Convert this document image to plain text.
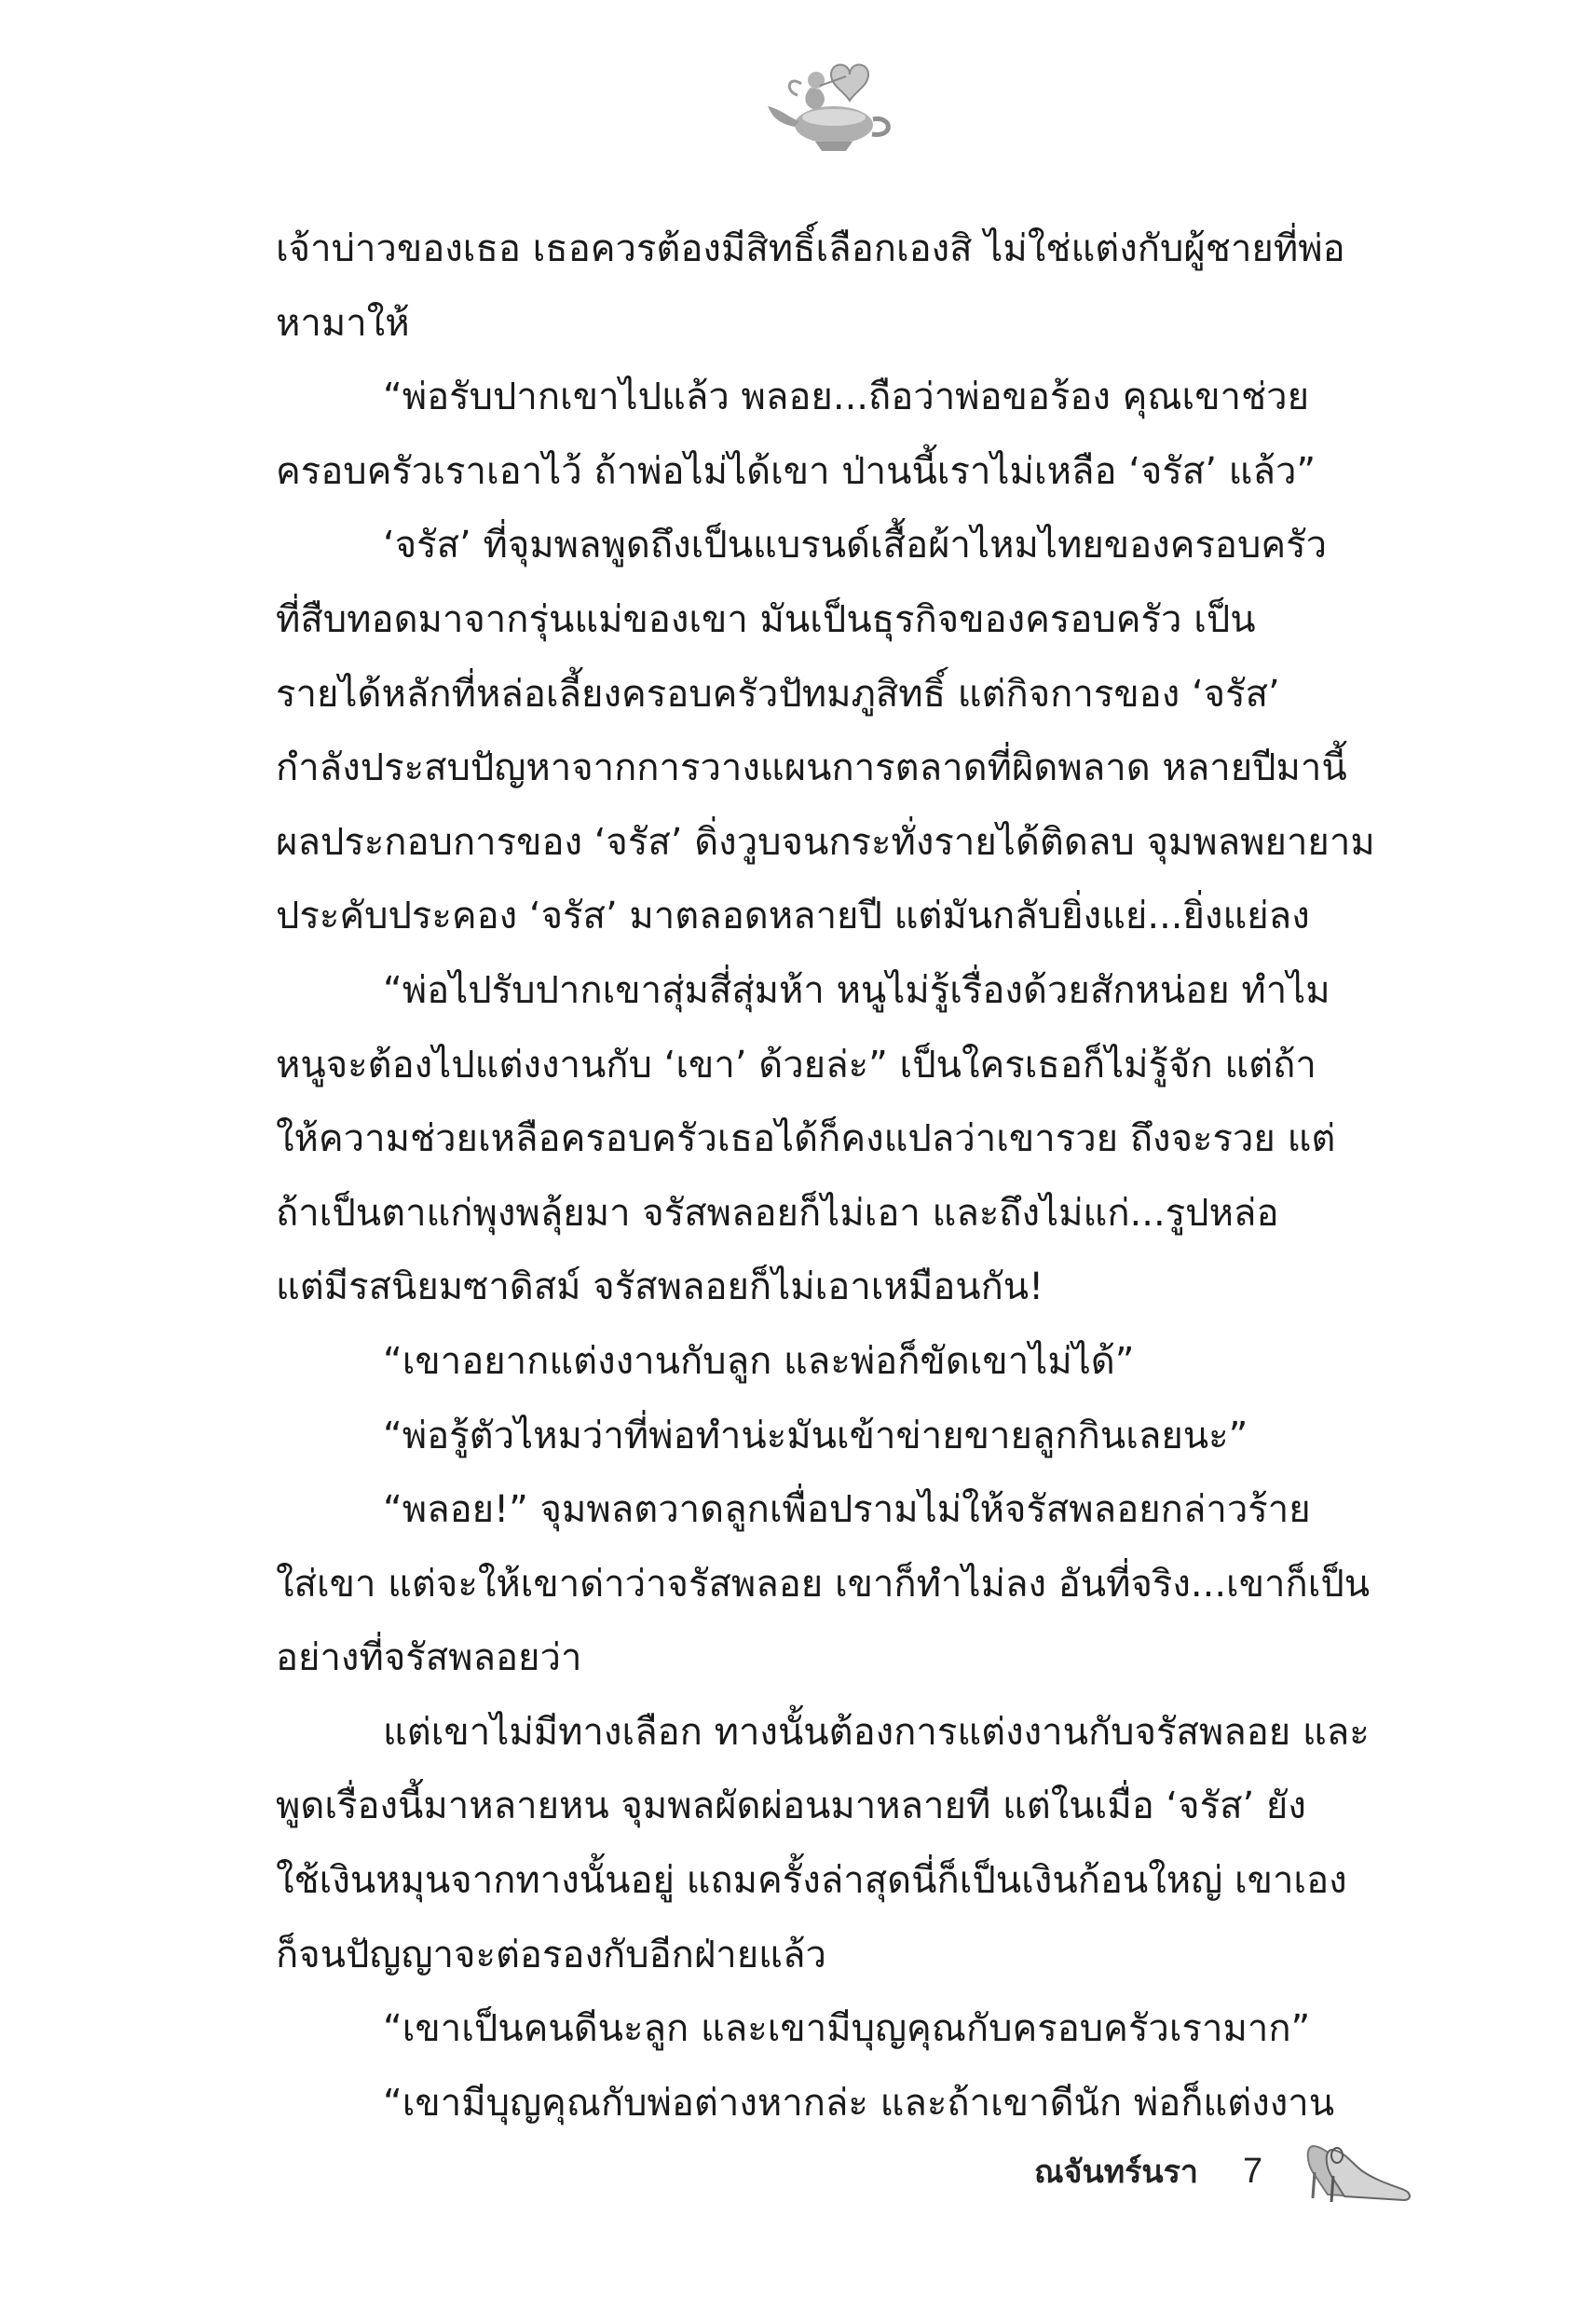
เจ้าบ่าวของเธอ เธอควรต้องมีสิทธิ์เลือกเองสิ ไม่ใช่แต่งกับผู้ชายที่พ่อ
หามาให้
“พ่อรับปากเขาไปแล้ว พลอย...ถือว่าพ่อขอร้อง คุณเขาช่วย
ครอบครัวเราเอาไว้ ถ้าพ่อไม่ได้เขา ป่านนี้เราไม่เหลือ ‘จรัส’ แล้ว”
‘จรัส’ ที่จุมพลพูดถึงเป็นแบรนด์เสื้อผ้าไหมไทยของครอบครัว
ที่สืบทอดมาจากรุ่นแม่ของเขา มันเป็นธุรกิจของครอบครัว เป็น
รายได้หลักที่หล่อเลี้ยงครอบครัวปัทมภูสิทธิ์ แต่กิจการของ ‘จรัส’
กำลังประสบปัญหาจากการวางแผนการตลาดที่ผิดพลาด หลายปีมานี้
ผลประกอบการของ ‘จรัส’ ดิ่งวูบจนกระทั่งรายได้ติดลบ จุมพลพยายาม
ประคับประคอง ‘จรัส’ มาตลอดหลายปี แต่มันกลับยิ่งแย่...ยิ่งแย่ลง
“พ่อไปรับปากเขาสุ่มสี่สุ่มห้า หนูไม่รู้เรื่องด้วยสักหน่อย ทำไม
หนูจะต้องไปแต่งงานกับ ‘เขา’ ด้วยล่ะ” เป็นใครเธอก็ไม่รู้จัก แต่ถ้า
ให้ความช่วยเหลือครอบครัวเธอได้ก็คงแปลว่าเขารวย ถึงจะรวย แต่
ถ้าเป็นตาแก่พุงพลุ้ยมา จรัสพลอยก็ไม่เอา และถึงไม่แก่...รูปหล่อ
แต่มีรสนิยมซาดิสม์ จรัสพลอยก็ไม่เอาเหมือนกัน!
“เขาอยากแต่งงานกับลูก และพ่อก็ขัดเขาไม่ได้”
“พ่อรู้ตัวไหมว่าที่พ่อทำน่ะมันเข้าข่ายขายลูกกินเลยนะ”
“พลอย!” จุมพลตวาดลูกเพื่อปรามไม่ให้จรัสพลอยกล่าวร้าย
ใส่เขา แต่จะให้เขาด่าว่าจรัสพลอย เขาก็ทำไม่ลง อันที่จริง...เขาก็เป็น
อย่างที่จรัสพลอยว่า
แต่เขาไม่มีทางเลือก ทางนั้นต้องการแต่งงานกับจรัสพลอย และ
พูดเรื่องนี้มาหลายหน จุมพลผัดผ่อนมาหลายที แต่ในเมื่อ ‘จรัส’ ยัง
ใช้เงินหมุนจากทางนั้นอยู่ แถมครั้งล่าสุดนี่ก็เป็นเงินก้อนใหญ่ เขาเอง
ก็จนปัญญาจะต่อรองกับอีกฝ่ายแล้ว
“เขาเป็นคนดีนะลูก และเขามีบุญคุณกับครอบครัวเรามาก”
“เขามีบุญคุณกับพ่อต่างหากล่ะ และถ้าเขาดีนัก พ่อก็แต่งงาน
ณจันทร์นรา 7
